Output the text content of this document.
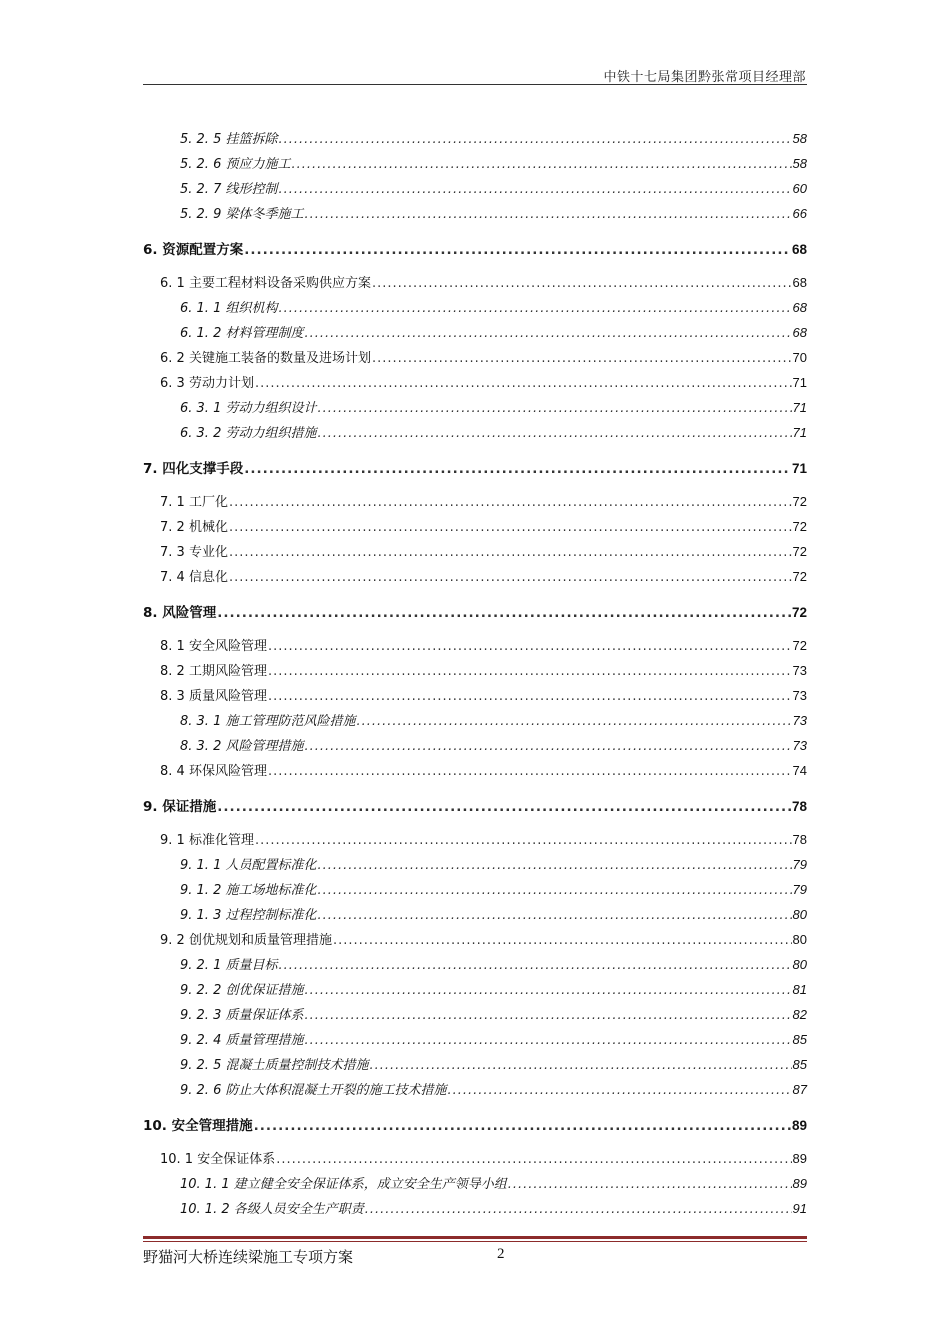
中铁十七局集团黔张常项目经理部
5. 2. 5 挂篮拆除 .....	58
5. 2. 6 预应力施工 .....	58
5. 2. 7 线形控制 .....	60
5. 2. 9 梁体冬季施工 .....	66
6. 资源配置方案 .....	68
6. 1 主要工程材料设备采购供应方案 .....	68
6. 1. 1 组织机构 .....	68
6. 1. 2 材料管理制度 .....	68
6. 2 关键施工装备的数量及进场计划 .....	70
6. 3 劳动力计划 .....	71
6. 3. 1 劳动力组织设计 .....	71
6. 3. 2 劳动力组织措施 .....	71
7. 四化支撑手段 .....	71
7. 1 工厂化 .....	72
7. 2 机械化 .....	72
7. 3 专业化 .....	72
7. 4 信息化 .....	72
8. 风险管理 .....	72
8. 1 安全风险管理 .....	72
8. 2 工期风险管理 .....	73
8. 3 质量风险管理 .....	73
8. 3. 1 施工管理防范风险措施 .....	73
8. 3. 2 风险管理措施 .....	73
8. 4 环保风险管理 .....	74
9. 保证措施 .....	78
9. 1 标准化管理 .....	78
9. 1. 1 人员配置标准化 .....	79
9. 1. 2 施工场地标准化 .....	79
9. 1. 3 过程控制标准化 .....	80
9. 2 创优规划和质量管理措施 .....	80
9. 2. 1 质量目标 .....	80
9. 2. 2 创优保证措施 .....	81
9. 2. 3 质量保证体系 .....	82
9. 2. 4 质量管理措施 .....	85
9. 2. 5 混凝土质量控制技术措施 .....	85
9. 2. 6 防止大体积混凝土开裂的施工技术措施 .....	87
10. 安全管理措施 .....	89
10. 1 安全保证体系 .....	89
10. 1. 1 建立健全安全保证体系，成立安全生产领导小组 .....	89
10. 1. 2 各级人员安全生产职责 .....	91
野猫河大桥连续梁施工专项方案	2
